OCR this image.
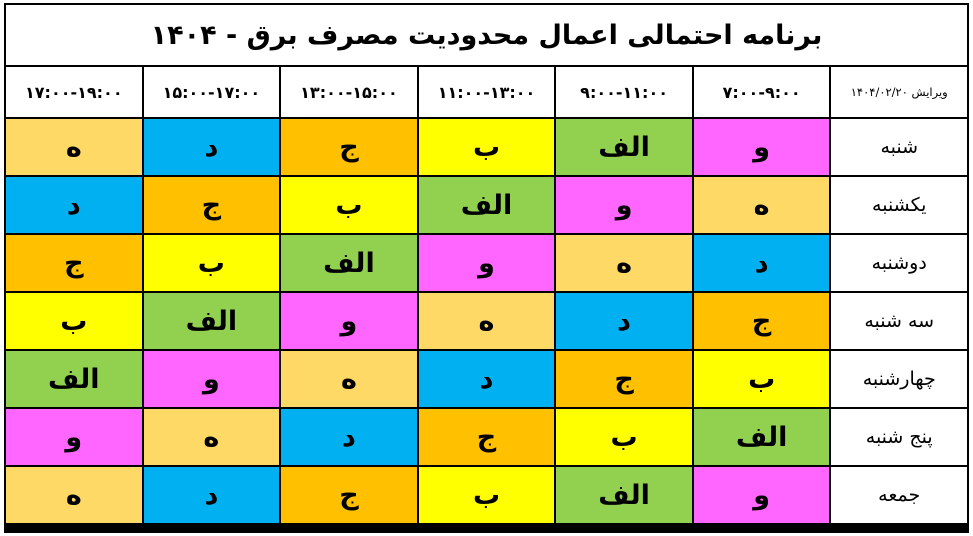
برنامه احتمالی اعمال محدودیت مصرف برق - ۱۴۰۴
ویرایش ۱۴۰۴/۰۲/۲۰
۷:۰۰-۹:۰۰
۹:۰۰-۱۱:۰۰
۱۱:۰۰-۱۳:۰۰
۱۳:۰۰-۱۵:۰۰
۱۵:۰۰-۱۷:۰۰
۱۷:۰۰-۱۹:۰۰
شنبه
و
الف
ب
ج
د
ه
یکشنبه
ه
و
الف
ب
ج
د
دوشنبه
د
ه
و
الف
ب
ج
سه شنبه
ج
د
ه
و
الف
ب
چهارشنبه
ب
ج
د
ه
و
الف
پنج شنبه
الف
ب
ج
د
ه
و
جمعه
و
الف
ب
ج
د
ه
